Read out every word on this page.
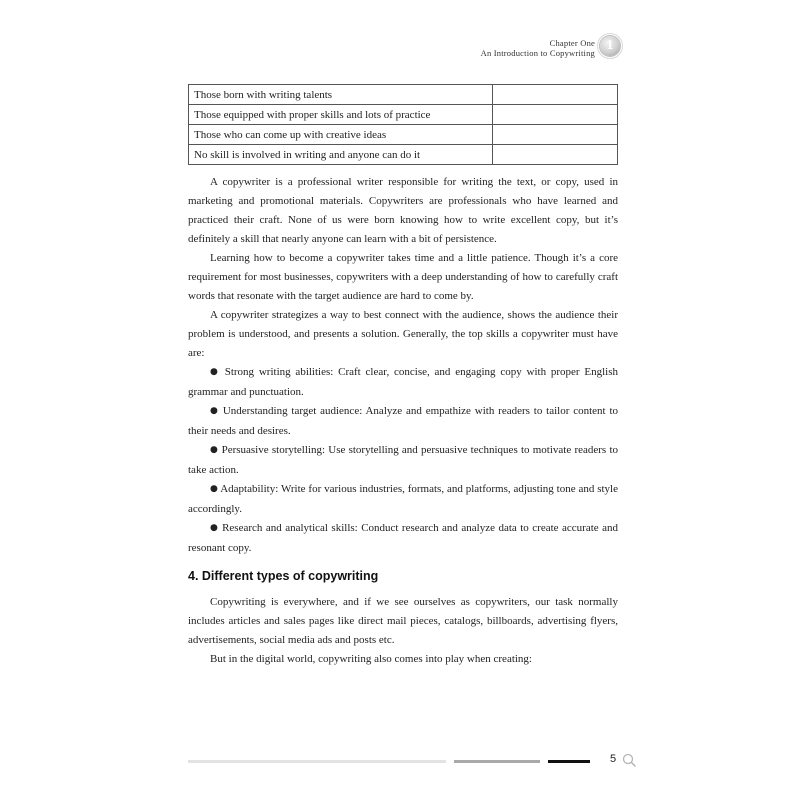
Chapter One
An Introduction to Copywriting 1
Those born with writing talents	
Those equipped with proper skills and lots of practice	
Those who can come up with creative ideas	
No skill is involved in writing and anyone can do it	

A copywriter is a professional writer responsible for writing the text, or copy, used in marketing and promotional materials. Copywriters are professionals who have learned and practiced their craft. None of us were born knowing how to write excellent copy, but it’s definitely a skill that nearly anyone can learn with a bit of persistence.

Learning how to become a copywriter takes time and a little patience. Though it’s a core requirement for most businesses, copywriters with a deep understanding of how to carefully craft words that resonate with the target audience are hard to come by.

A copywriter strategizes a way to best connect with the audience, shows the audience their problem is understood, and presents a solution. Generally, the top skills a copywriter must have are:

● Strong writing abilities: Craft clear, concise, and engaging copy with proper English grammar and punctuation.

● Understanding target audience: Analyze and empathize with readers to tailor content to their needs and desires.

● Persuasive storytelling: Use storytelling and persuasive techniques to motivate readers to take action.

● Adaptability: Write for various industries, formats, and platforms, adjusting tone and style accordingly.

● Research and analytical skills: Conduct research and analyze data to create accurate and resonant copy.

4. Different types of copywriting

Copywriting is everywhere, and if we see ourselves as copywriters, our task normally includes articles and sales pages like direct mail pieces, catalogs, billboards, advertising flyers, advertisements, social media ads and posts etc.

But in the digital world, copywriting also comes into play when creating:

5
